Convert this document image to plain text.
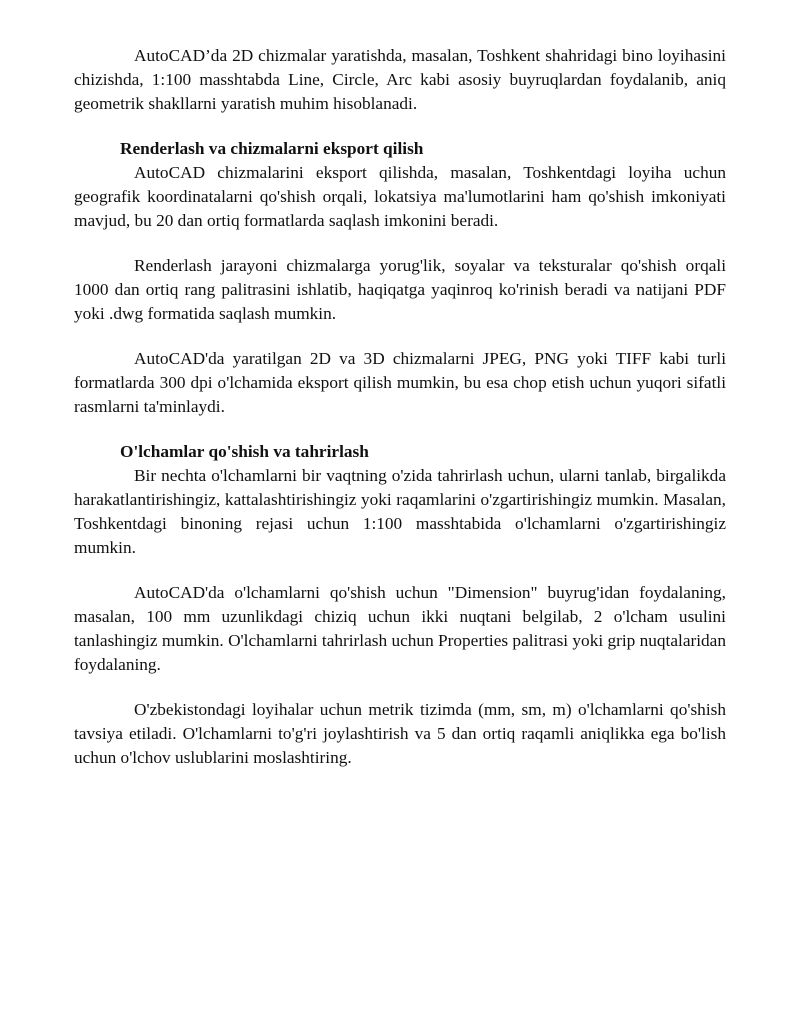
AutoCAD’da 2D chizmalar yaratishda, masalan, Toshkent shahridagi bino loyihasini chizishda, 1:100 masshtabda Line, Circle, Arc kabi asosiy buyruqlardan foydalanib, aniq geometrik shakllarni yaratish muhim hisoblanadi.

Renderlash va chizmalarni eksport qilish

AutoCAD chizmalarini eksport qilishda, masalan, Toshkentdagi loyiha uchun geografik koordinatalarni qo'shish orqali, lokatsiya ma'lumotlarini ham qo'shish imkoniyati mavjud, bu 20 dan ortiq formatlarda saqlash imkonini beradi.

Renderlash jarayoni chizmalarga yorug'lik, soyalar va teksturalar qo'shish orqali 1000 dan ortiq rang palitrasini ishlatib, haqiqatga yaqinroq ko'rinish beradi va natijani PDF yoki .dwg formatida saqlash mumkin.

AutoCAD'da yaratilgan 2D va 3D chizmalarni JPEG, PNG yoki TIFF kabi turli formatlarda 300 dpi o'lchamida eksport qilish mumkin, bu esa chop etish uchun yuqori sifatli rasmlarni ta'minlaydi.

O'lchamlar qo'shish va tahrirlash

Bir nechta o'lchamlarni bir vaqtning o'zida tahrirlash uchun, ularni tanlab, birgalikda harakatlantirishingiz, kattalashtirishingiz yoki raqamlarini o'zgartirishingiz mumkin. Masalan, Toshkentdagi binoning rejasi uchun 1:100 masshtabida o'lchamlarni o'zgartirishingiz mumkin.

AutoCAD'da o'lchamlarni qo'shish uchun "Dimension" buyrug'idan foydalaning, masalan, 100 mm uzunlikdagi chiziq uchun ikki nuqtani belgilab, 2 o'lcham usulini tanlashingiz mumkin. O'lchamlarni tahrirlash uchun Properties palitrasi yoki grip nuqtalaridan foydalaning.

O'zbekistondagi loyihalar uchun metrik tizimda (mm, sm, m) o'lchamlarni qo'shish tavsiya etiladi. O'lchamlarni to'g'ri joylashtirish va 5 dan ortiq raqamli aniqlikka ega bo'lish uchun o'lchov uslublarini moslashtiring.
